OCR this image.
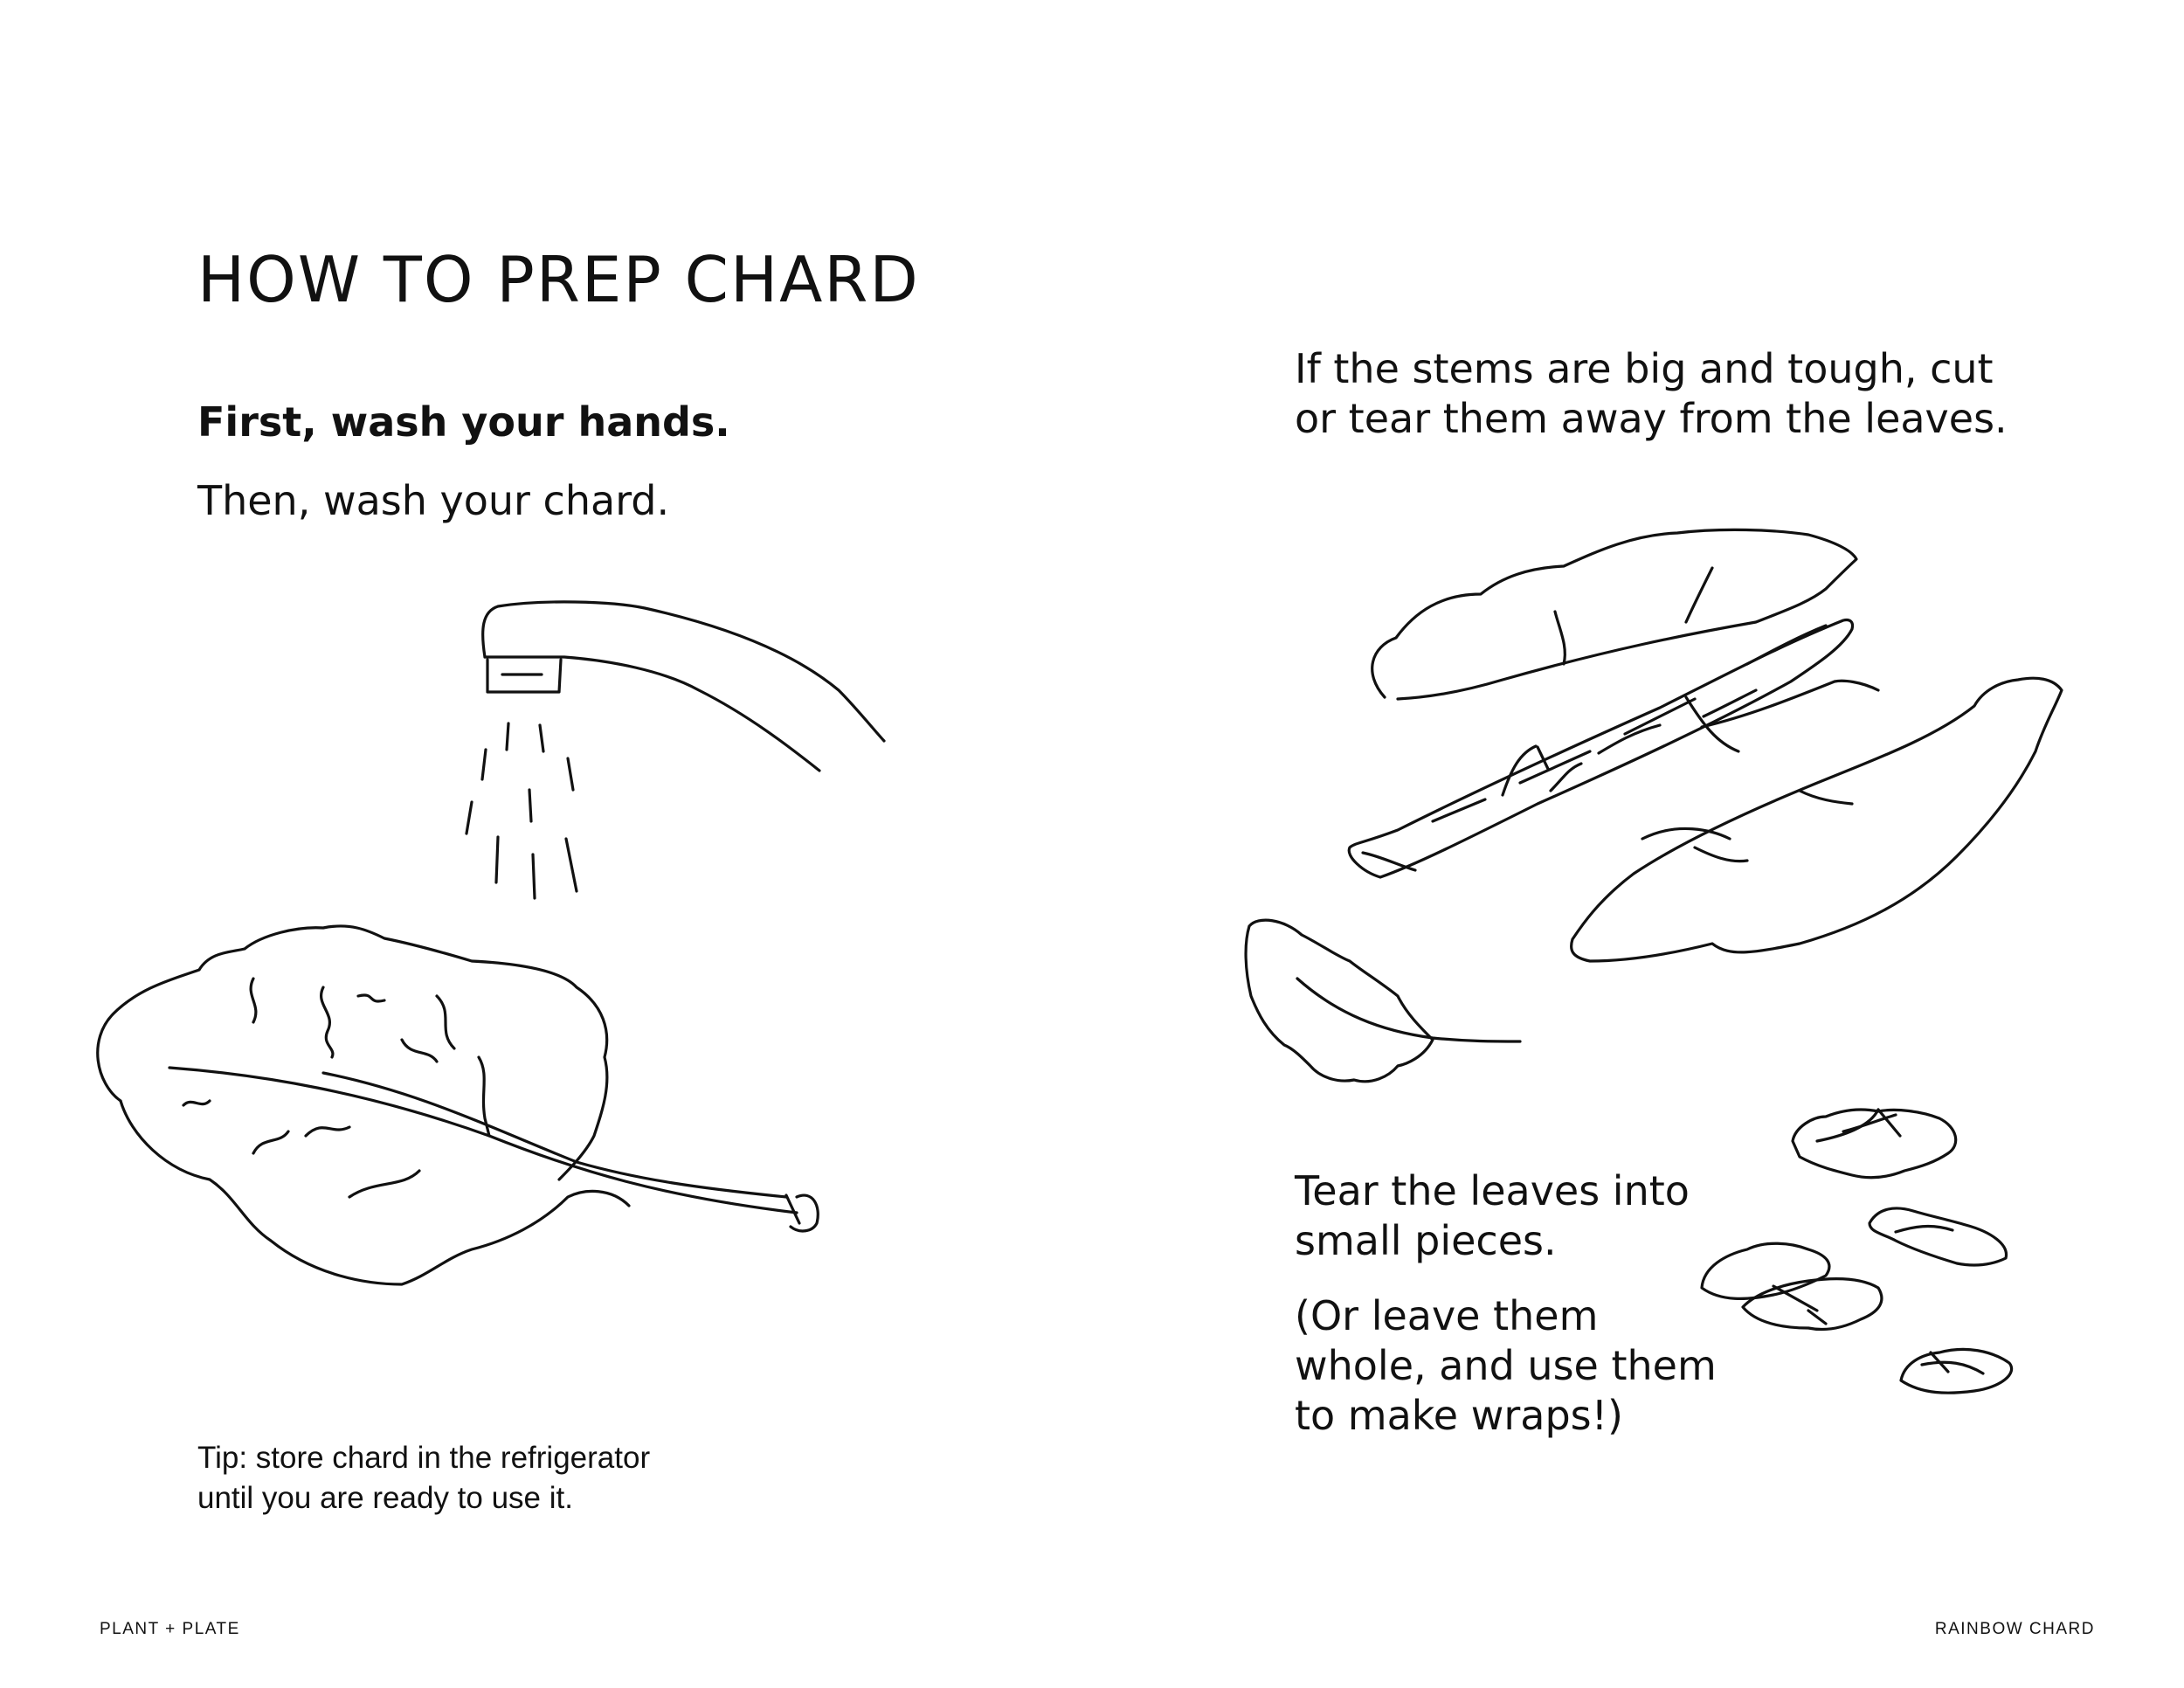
HOW TO PREP CHARD

First, wash your hands.

Then, wash your chard.

If the stems are big and tough, cut
or tear them away from the leaves.

Tear the leaves into
small pieces.

(Or leave them
whole, and use them
to make wraps!)

Tip: store chard in the refrigerator
until you are ready to use it.

PLANT + PLATE	RAINBOW CHARD
